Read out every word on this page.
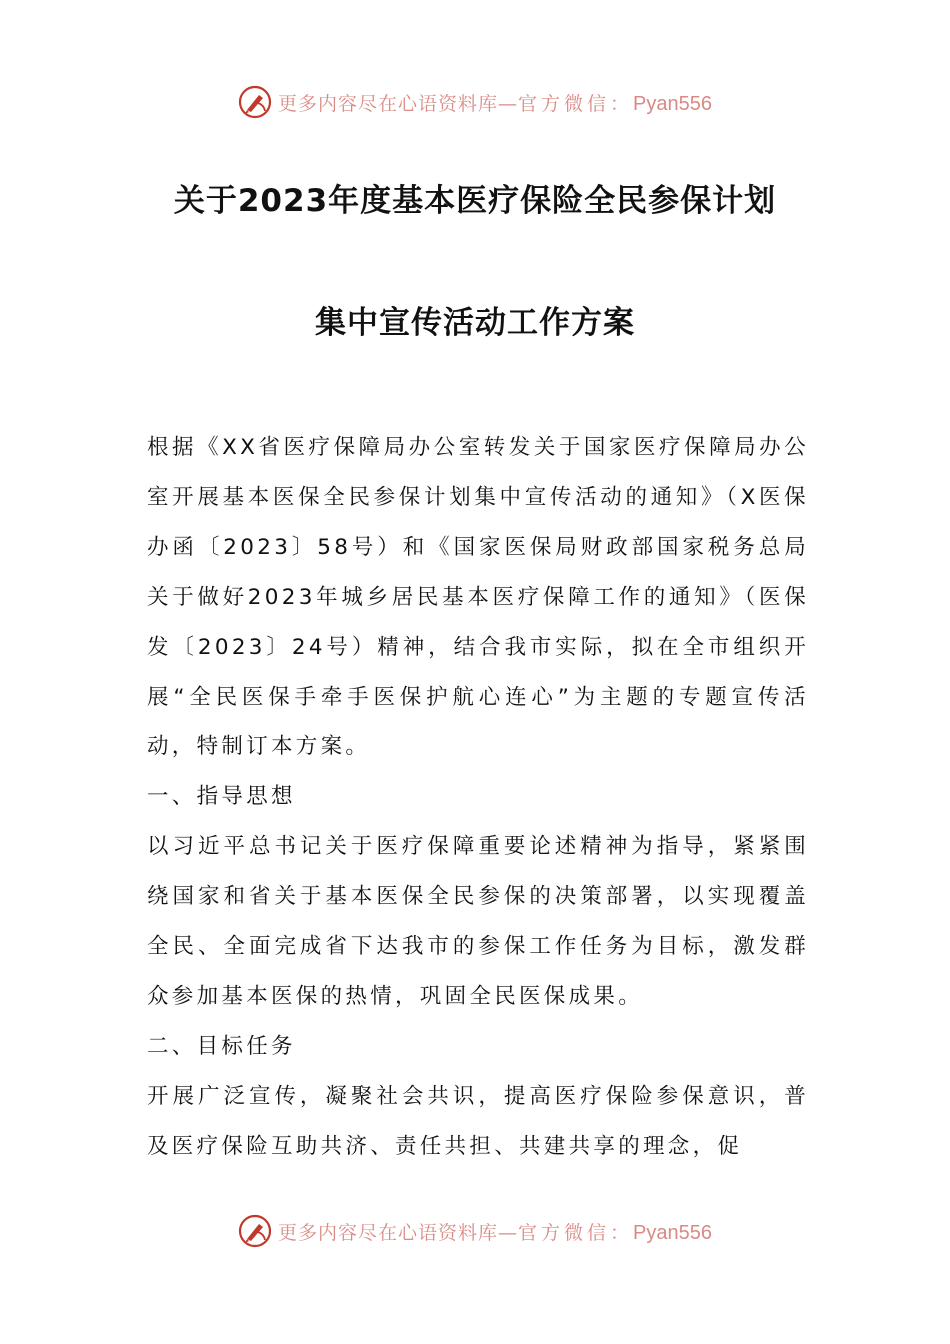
更多内容尽在心语资料库—官方微信：Pyan556
关于2023年度基本医疗保险全民参保计划
集中宣传活动工作方案

根据《XX省医疗保障局办公室转发关于国家医疗保障局办公室开展基本医保全民参保计划集中宣传活动的通知》（X医保办函〔2023〕58号）和《国家医保局财政部国家税务总局关于做好2023年城乡居民基本医疗保障工作的通知》（医保发〔2023〕24号）精神，结合我市实际，拟在全市组织开展“全民医保手牵手医保护航心连心”为主题的专题宣传活动，特制订本方案。

一、指导思想

以习近平总书记关于医疗保障重要论述精神为指导，紧紧围绕国家和省关于基本医保全民参保的决策部署，以实现覆盖全民、全面完成省下达我市的参保工作任务为目标，激发群众参加基本医保的热情，巩固全民医保成果。

二、目标任务

开展广泛宣传，凝聚社会共识，提高医疗保险参保意识，普及医疗保险互助共济、责任共担、共建共享的理念，促

更多内容尽在心语资料库—官方微信：Pyan556
